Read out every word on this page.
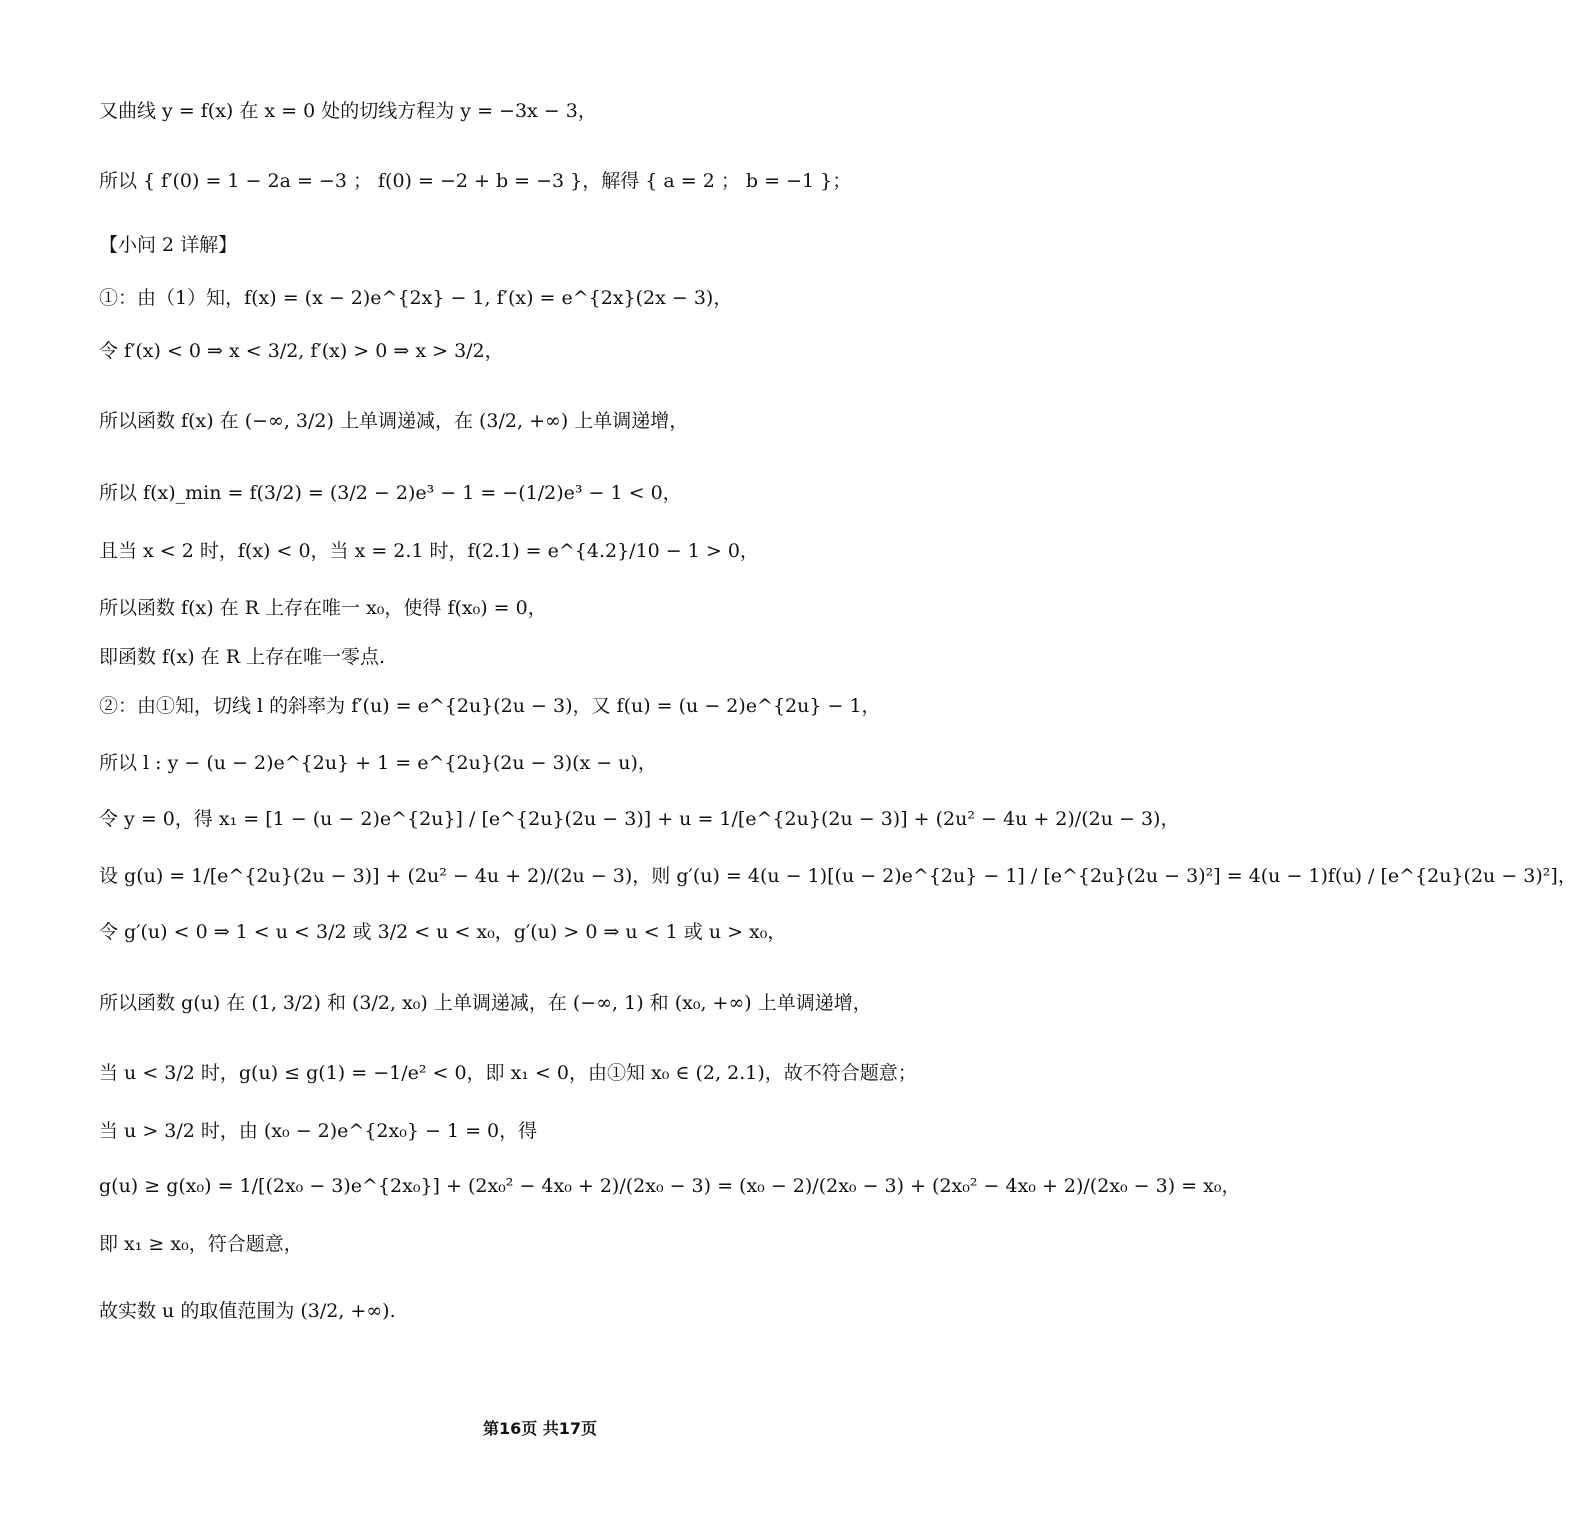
又曲线 y = f(x) 在 x = 0 处的切线方程为 y = −3x − 3，
所以 { f′(0) = 1 − 2a = −3 ； f(0) = −2 + b = −3 }，解得 { a = 2 ； b = −1 }；
【小问 2 详解】
①：由（1）知，f(x) = (x − 2)e^{2x} − 1, f′(x) = e^{2x}(2x − 3)，
令 f′(x) < 0 ⇒ x < 3/2, f′(x) > 0 ⇒ x > 3/2，
所以函数 f(x) 在 (−∞, 3/2) 上单调递减，在 (3/2, +∞) 上单调递增，
所以 f(x)_min = f(3/2) = (3/2 − 2)e³ − 1 = −(1/2)e³ − 1 < 0，
且当 x < 2 时，f(x) < 0，当 x = 2.1 时，f(2.1) = e^{4.2}/10 − 1 > 0，
所以函数 f(x) 在 R 上存在唯一 x₀，使得 f(x₀) = 0，
即函数 f(x) 在 R 上存在唯一零点.
②：由①知，切线 l 的斜率为 f′(u) = e^{2u}(2u − 3)，又 f(u) = (u − 2)e^{2u} − 1，
所以 l : y − (u − 2)e^{2u} + 1 = e^{2u}(2u − 3)(x − u)，
令 y = 0，得 x₁ = [1 − (u − 2)e^{2u}] / [e^{2u}(2u − 3)] + u = 1/[e^{2u}(2u − 3)] + (2u² − 4u + 2)/(2u − 3)，
设 g(u) = 1/[e^{2u}(2u − 3)] + (2u² − 4u + 2)/(2u − 3)，则 g′(u) = 4(u − 1)[(u − 2)e^{2u} − 1] / [e^{2u}(2u − 3)²] = 4(u − 1)f(u) / [e^{2u}(2u − 3)²]，
令 g′(u) < 0 ⇒ 1 < u < 3/2 或 3/2 < u < x₀，g′(u) > 0 ⇒ u < 1 或 u > x₀，
所以函数 g(u) 在 (1, 3/2) 和 (3/2, x₀) 上单调递减，在 (−∞, 1) 和 (x₀, +∞) 上单调递增，
当 u < 3/2 时，g(u) ≤ g(1) = −1/e² < 0，即 x₁ < 0，由①知 x₀ ∈ (2, 2.1)，故不符合题意；
当 u > 3/2 时，由 (x₀ − 2)e^{2x₀} − 1 = 0，得
g(u) ≥ g(x₀) = 1/[(2x₀ − 3)e^{2x₀}] + (2x₀² − 4x₀ + 2)/(2x₀ − 3) = (x₀ − 2)/(2x₀ − 3) + (2x₀² − 4x₀ + 2)/(2x₀ − 3) = x₀，
即 x₁ ≥ x₀，符合题意，
故实数 u 的取值范围为 (3/2, +∞).
第16页 共17页
